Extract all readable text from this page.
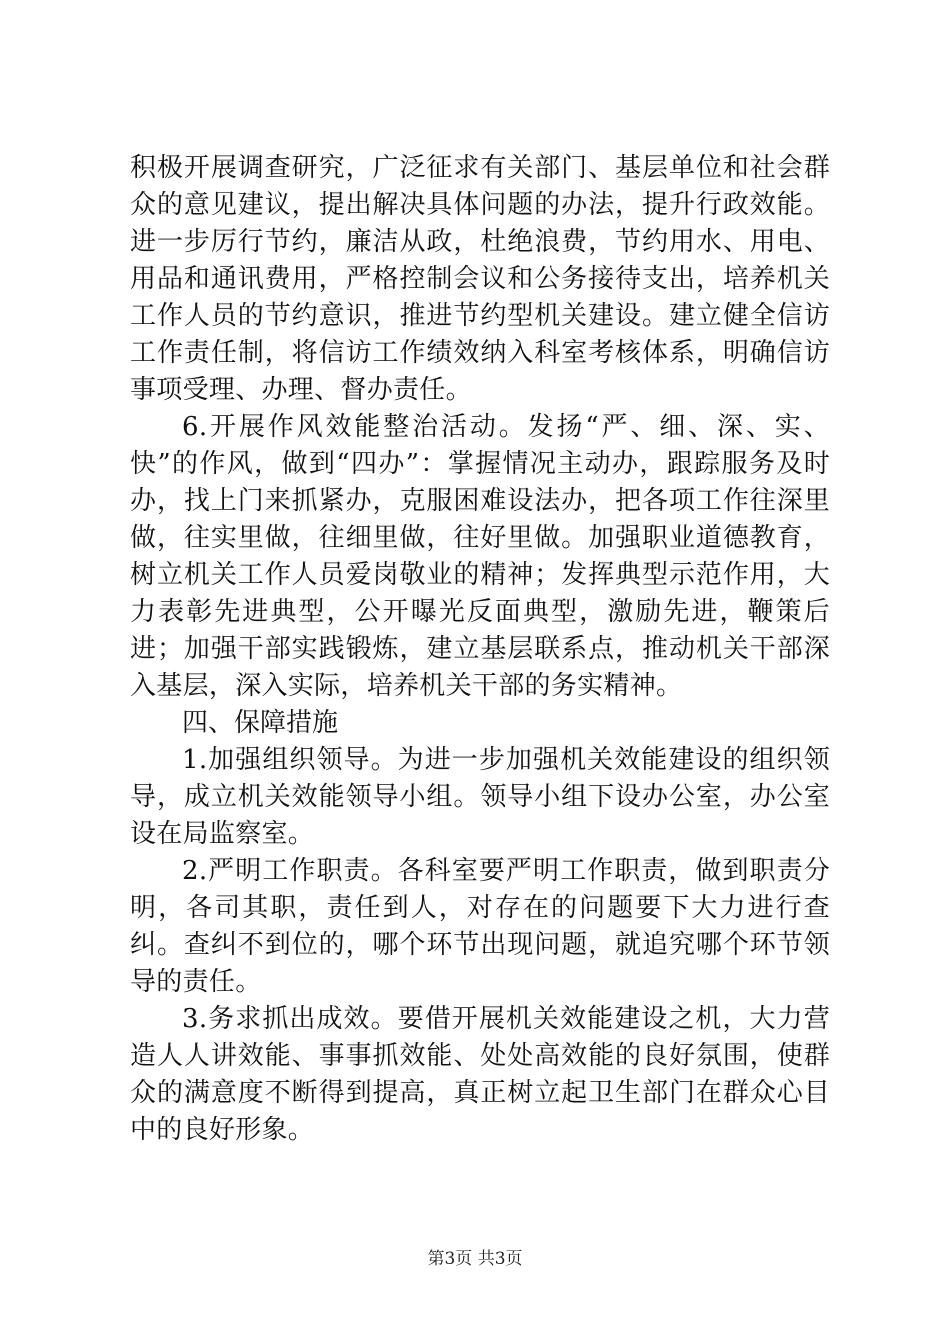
积极开展调查研究，广泛征求有关部门、基层单位和社会群众的意见建议，提出解决具体问题的办法，提升行政效能。进一步厉行节约，廉洁从政，杜绝浪费，节约用水、用电、用品和通讯费用，严格控制会议和公务接待支出，培养机关工作人员的节约意识，推进节约型机关建设。建立健全信访工作责任制，将信访工作绩效纳入科室考核体系，明确信访事项受理、办理、督办责任。

6.开展作风效能整治活动。发扬“严、细、深、实、快”的作风，做到“四办”：掌握情况主动办，跟踪服务及时办，找上门来抓紧办，克服困难设法办，把各项工作往深里做，往实里做，往细里做，往好里做。加强职业道德教育，树立机关工作人员爱岗敬业的精神；发挥典型示范作用，大力表彰先进典型，公开曝光反面典型，激励先进，鞭策后进；加强干部实践锻炼，建立基层联系点，推动机关干部深入基层，深入实际，培养机关干部的务实精神。

四、保障措施

1.加强组织领导。为进一步加强机关效能建设的组织领导，成立机关效能领导小组。领导小组下设办公室，办公室设在局监察室。

2.严明工作职责。各科室要严明工作职责，做到职责分明，各司其职，责任到人，对存在的问题要下大力进行查纠。查纠不到位的，哪个环节出现问题，就追究哪个环节领导的责任。

3.务求抓出成效。要借开展机关效能建设之机，大力营造人人讲效能、事事抓效能、处处高效能的良好氛围，使群众的满意度不断得到提高，真正树立起卫生部门在群众心目中的良好形象。

第3页 共3页
